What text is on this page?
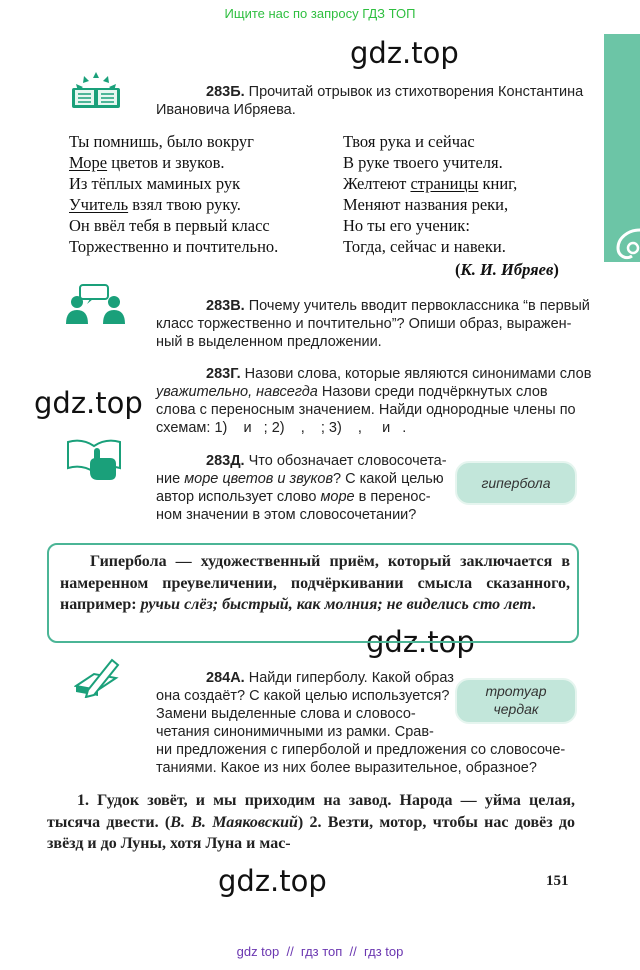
Ищите нас по запросу ГДЗ ТОП
gdz.top
gdz.top
gdz.top
gdz.top
283Б. Прочитай отрывок из стихотворения Константина
Ивановича Ибряева.
Ты помнишь, было вокруг
Море цветов и звуков.
Из тёплых маминых рук
Учитель взял твою руку.
Он ввёл тебя в первый класс
Торжественно и почтительно.
Твоя рука и сейчас
В руке твоего учителя.
Желтеют страницы книг,
Меняют названия реки,
Но ты его ученик:
Тогда, сейчас и навеки.
(К. И. Ибряев)
283В. Почему учитель вводит первоклассника “в первый
класс торжественно и почтительно”? Опиши образ, выражен-
ный в выделенном предложении.
283Г. Назови слова, которые являются синонимами слов
уважительно, навсегда Назови среди подчёркнутых слов
слова с переносным значением. Найди однородные члены по
схемам: 1)    и   ; 2)    ,    ; 3)    ,     и   .
283Д. Что обозначает словосочета-
ние море цветов и звуков? С какой целью
автор использует слово море в перенос-
ном значении в этом словосочетании?
гипербола
Гипербола — художественный приём, который заключается в намеренном преувеличении, подчёркивании смысла сказанного, например: ручьи слёз; быстрый, как молния; не виделись сто лет.
284А. Найди гиперболу. Какой образ
она создаёт? С какой целью используется?
Замени выделенные слова и словосо-
четания синонимичными из рамки. Срав-
ни предложения с гиперболой и предложения со словосоче-
таниями. Какое из них более выразительное, образное?
тротуар
чердак
1. Гудок зовёт, и мы приходим на завод. Народа — уйма целая, тысяча двести. (В. В. Маяковский) 2. Везти, мотор, чтобы нас довёз до звёзд и до Луны, хотя Луна и мас-
151
gdz top  //  гдз топ  //  гдз top
